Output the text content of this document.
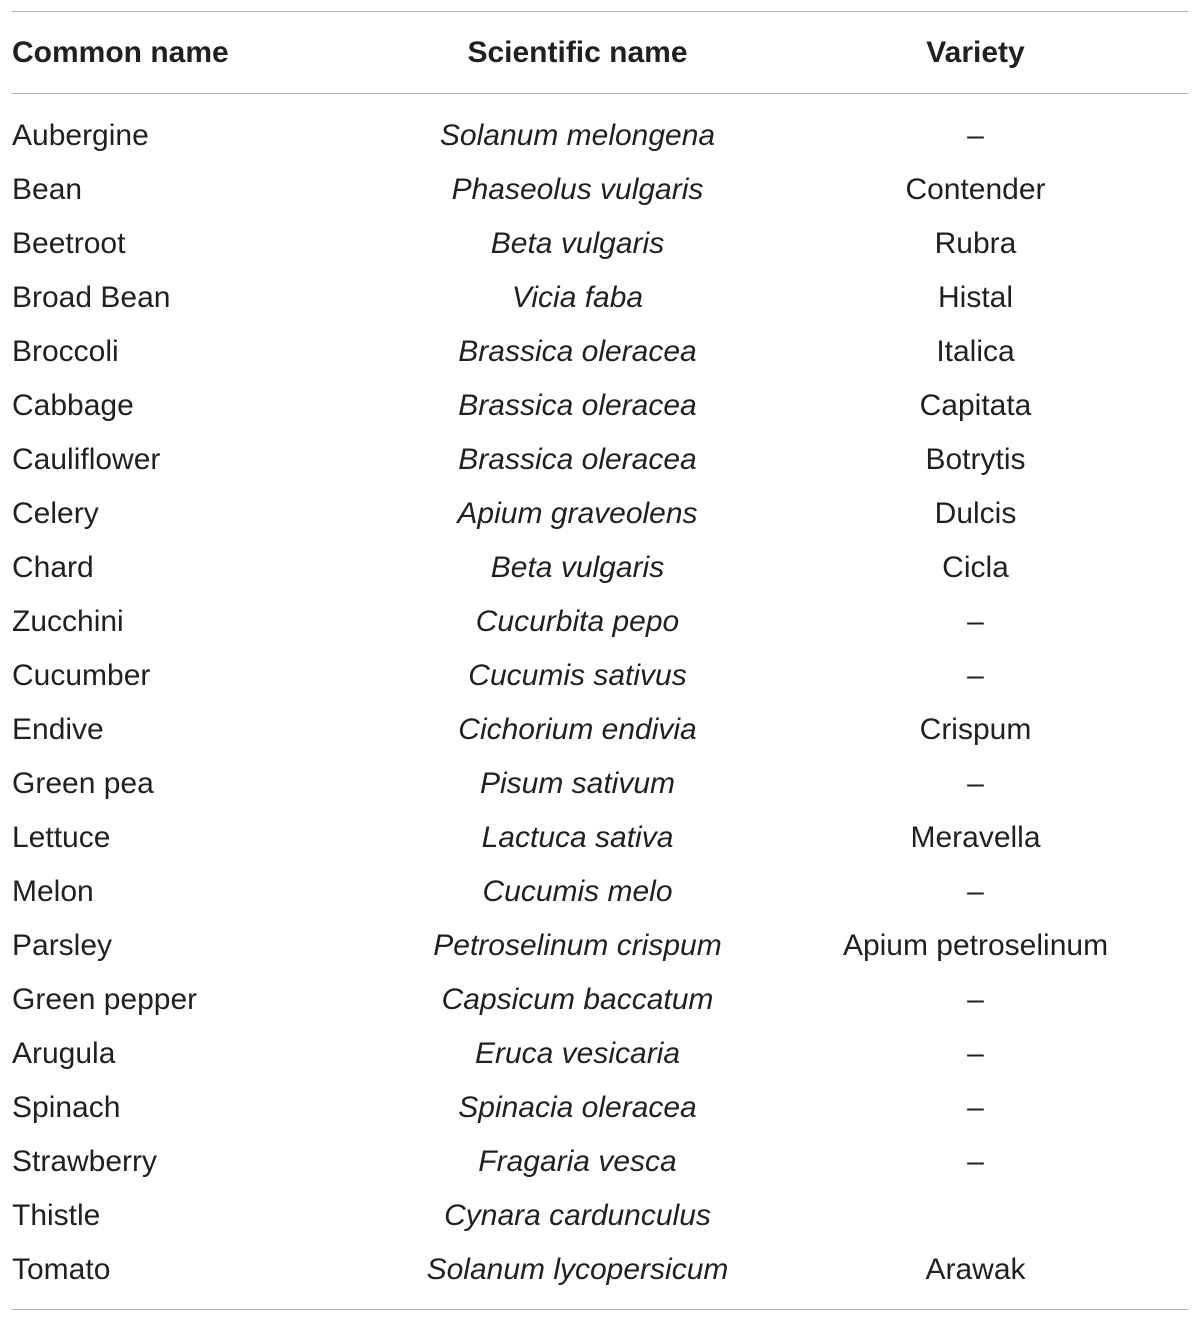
Common name	Scientific name	Variety
Aubergine	Solanum melongena	–
Bean	Phaseolus vulgaris	Contender
Beetroot	Beta vulgaris	Rubra
Broad Bean	Vicia faba	Histal
Broccoli	Brassica oleracea	Italica
Cabbage	Brassica oleracea	Capitata
Cauliflower	Brassica oleracea	Botrytis
Celery	Apium graveolens	Dulcis
Chard	Beta vulgaris	Cicla
Zucchini	Cucurbita pepo	–
Cucumber	Cucumis sativus	–
Endive	Cichorium endivia	Crispum
Green pea	Pisum sativum	–
Lettuce	Lactuca sativa	Meravella
Melon	Cucumis melo	–
Parsley	Petroselinum crispum	Apium petroselinum
Green pepper	Capsicum baccatum	–
Arugula	Eruca vesicaria	–
Spinach	Spinacia oleracea	–
Strawberry	Fragaria vesca	–
Thistle	Cynara cardunculus	
Tomato	Solanum lycopersicum	Arawak
